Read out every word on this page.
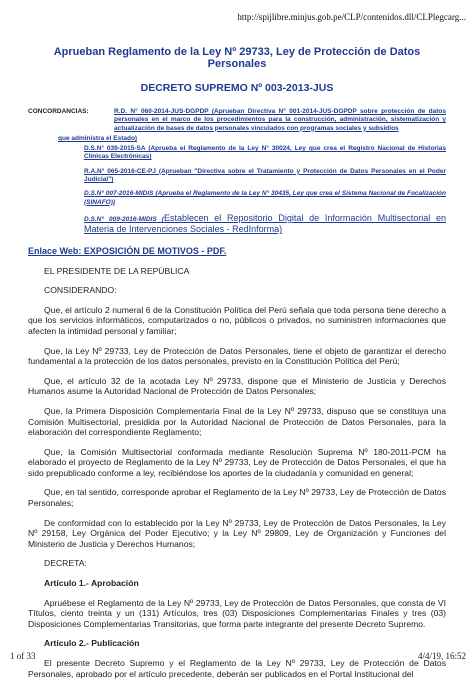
http://spijlibre.minjus.gob.pe/CLP/contenidos.dll/CLPlegcarg...
Aprueban Reglamento de la Ley Nº 29733, Ley de Protección de Datos Personales
DECRETO SUPREMO Nº 003-2013-JUS
CONCORDANCIAS:	R.D. N° 060-2014-JUS-DGPDP (Aprueban Directiva N° 001-2014-JUS-DGPDP sobre protección de datos personales en el marco de los procedimientos para la construcción, administración, sistematización y actualización de bases de datos personales vinculados con programas sociales y subsidios
que administra el Estado)
D.S.N° 039-2015-SA (Aprueba el Reglamento de la Ley N° 30024, Ley que crea el Registro Nacional de Historias Clínicas Electrónicas)
R.A.N° 065-2016-CE-PJ (Aprueban "Directiva sobre el Tratamiento y Protección de Datos Personales en el Poder Judicial")
D.S.N° 007-2016-MIDIS (Aprueba el Reglamento de la Ley N° 30435, Ley que crea el Sistema Nacional de Focalización (SINAFO))
D.S.N° 009-2016-MIDIS (Establecen el Repositorio Digital de Información Multisectorial en Materia de Intervenciones Sociales - RedInforma)
Enlace Web: EXPOSICIÓN DE MOTIVOS - PDF.

EL PRESIDENTE DE LA REPÚBLICA

CONSIDERANDO:

Que, el artículo 2 numeral 6 de la Constitución Política del Perú señala que toda persona tiene derecho a que los servicios informáticos, computarizados o no, públicos o privados, no suministren informaciones que afecten la intimidad personal y familiar;

Que, la Ley Nº 29733, Ley de Protección de Datos Personales, tiene el objeto de garantizar el derecho fundamental a la protección de los datos personales, previsto en la Constitución Política del Perú;

Que, el artículo 32 de la acotada Ley Nº 29733, dispone que el Ministerio de Justicia y Derechos Humanos asume la Autoridad Nacional de Protección de Datos Personales;

Que, la Primera Disposición Complementaria Final de la Ley Nº 29733, dispuso que se constituya una Comisión Multisectorial, presidida por la Autoridad Nacional de Protección de Datos Personales, para la elaboración del correspondiente Reglamento;

Que, la Comisión Multisectorial conformada mediante Resolución Suprema Nº 180-2011-PCM ha elaborado el proyecto de Reglamento de la Ley Nº 29733, Ley de Protección de Datos Personales, el que ha sido prepublicado conforme a ley, recibiéndose los aportes de la ciudadanía y comunidad en general;

Que, en tal sentido, corresponde aprobar el Reglamento de la Ley Nº 29733, Ley de Protección de Datos Personales;

De conformidad con lo establecido por la Ley Nº 29733, Ley de Protección de Datos Personales, la Ley Nº 29158, Ley Orgánica del Poder Ejecutivo; y la Ley Nº 29809, Ley de Organización y Funciones del Ministerio de Justicia y Derechos Humanos;

DECRETA:

Artículo 1.- Aprobación

Apruébese el Reglamento de la Ley Nº 29733, Ley de Protección de Datos Personales, que consta de VI Títulos, ciento treinta y un (131) Artículos, tres (03) Disposiciones Complementarias Finales y tres (03) Disposiciones Complementarias Transitorias, que forma parte integrante del presente Decreto Supremo.

Artículo 2.- Publicación

El presente Decreto Supremo y el Reglamento de la Ley Nº 29733, Ley de Protección de Datos Personales, aprobado por el artículo precedente, deberán ser publicados en el Portal Institucional del

1 of 33	4/4/19, 16:52
